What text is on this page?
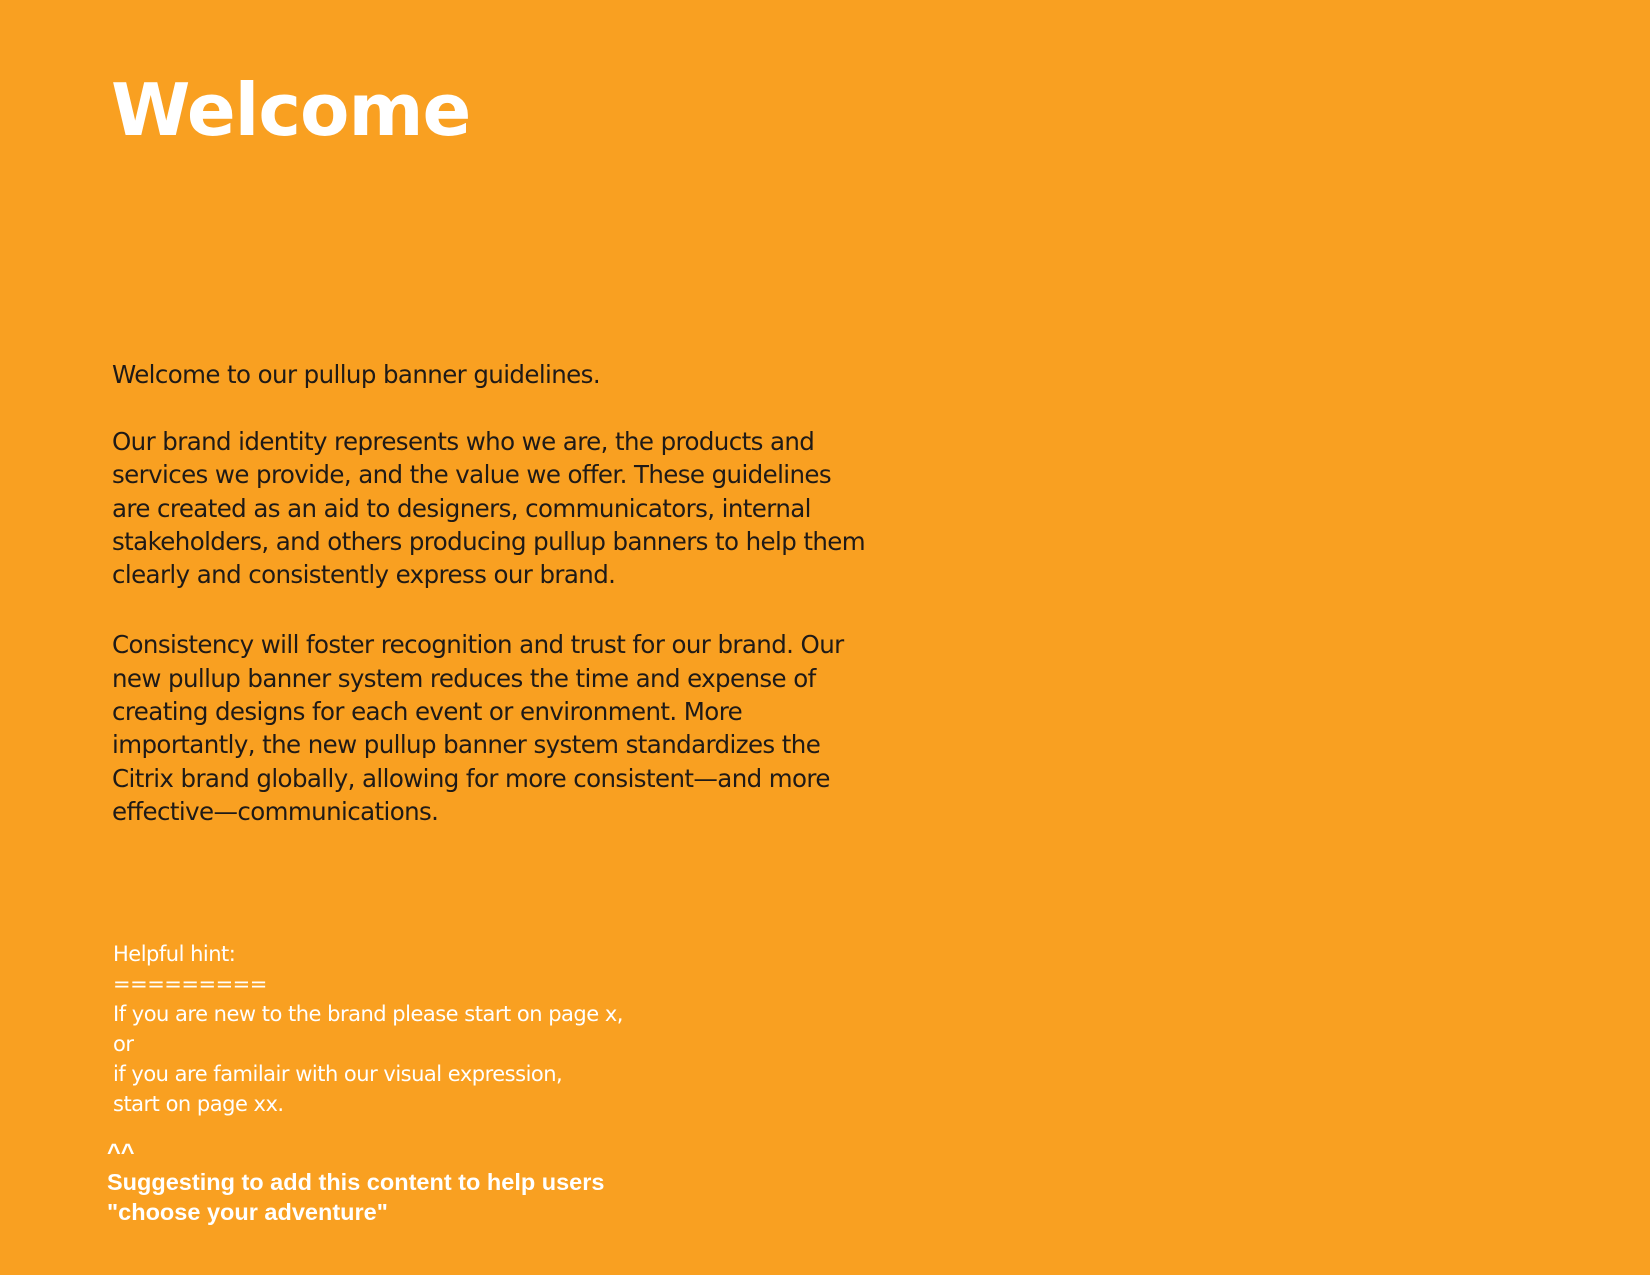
Welcome

Welcome to our pullup banner guidelines.

Our brand identity represents who we are, the products and services we provide, and the value we offer. These guidelines are created as an aid to designers, communicators, internal stakeholders, and others producing pullup banners to help them clearly and consistently express our brand.

Consistency will foster recognition and trust for our brand. Our new pullup banner system reduces the time and expense of creating designs for each event or environment. More importantly, the new pullup banner system standardizes the Citrix brand globally, allowing for more consistent—and more effective—communications.

Helpful hint:
=========
If you are new to the brand please start on page x,
or
if you are familair with our visual expression,
start on page xx.
^^
Suggesting to add this content to help users
"choose your adventure"
